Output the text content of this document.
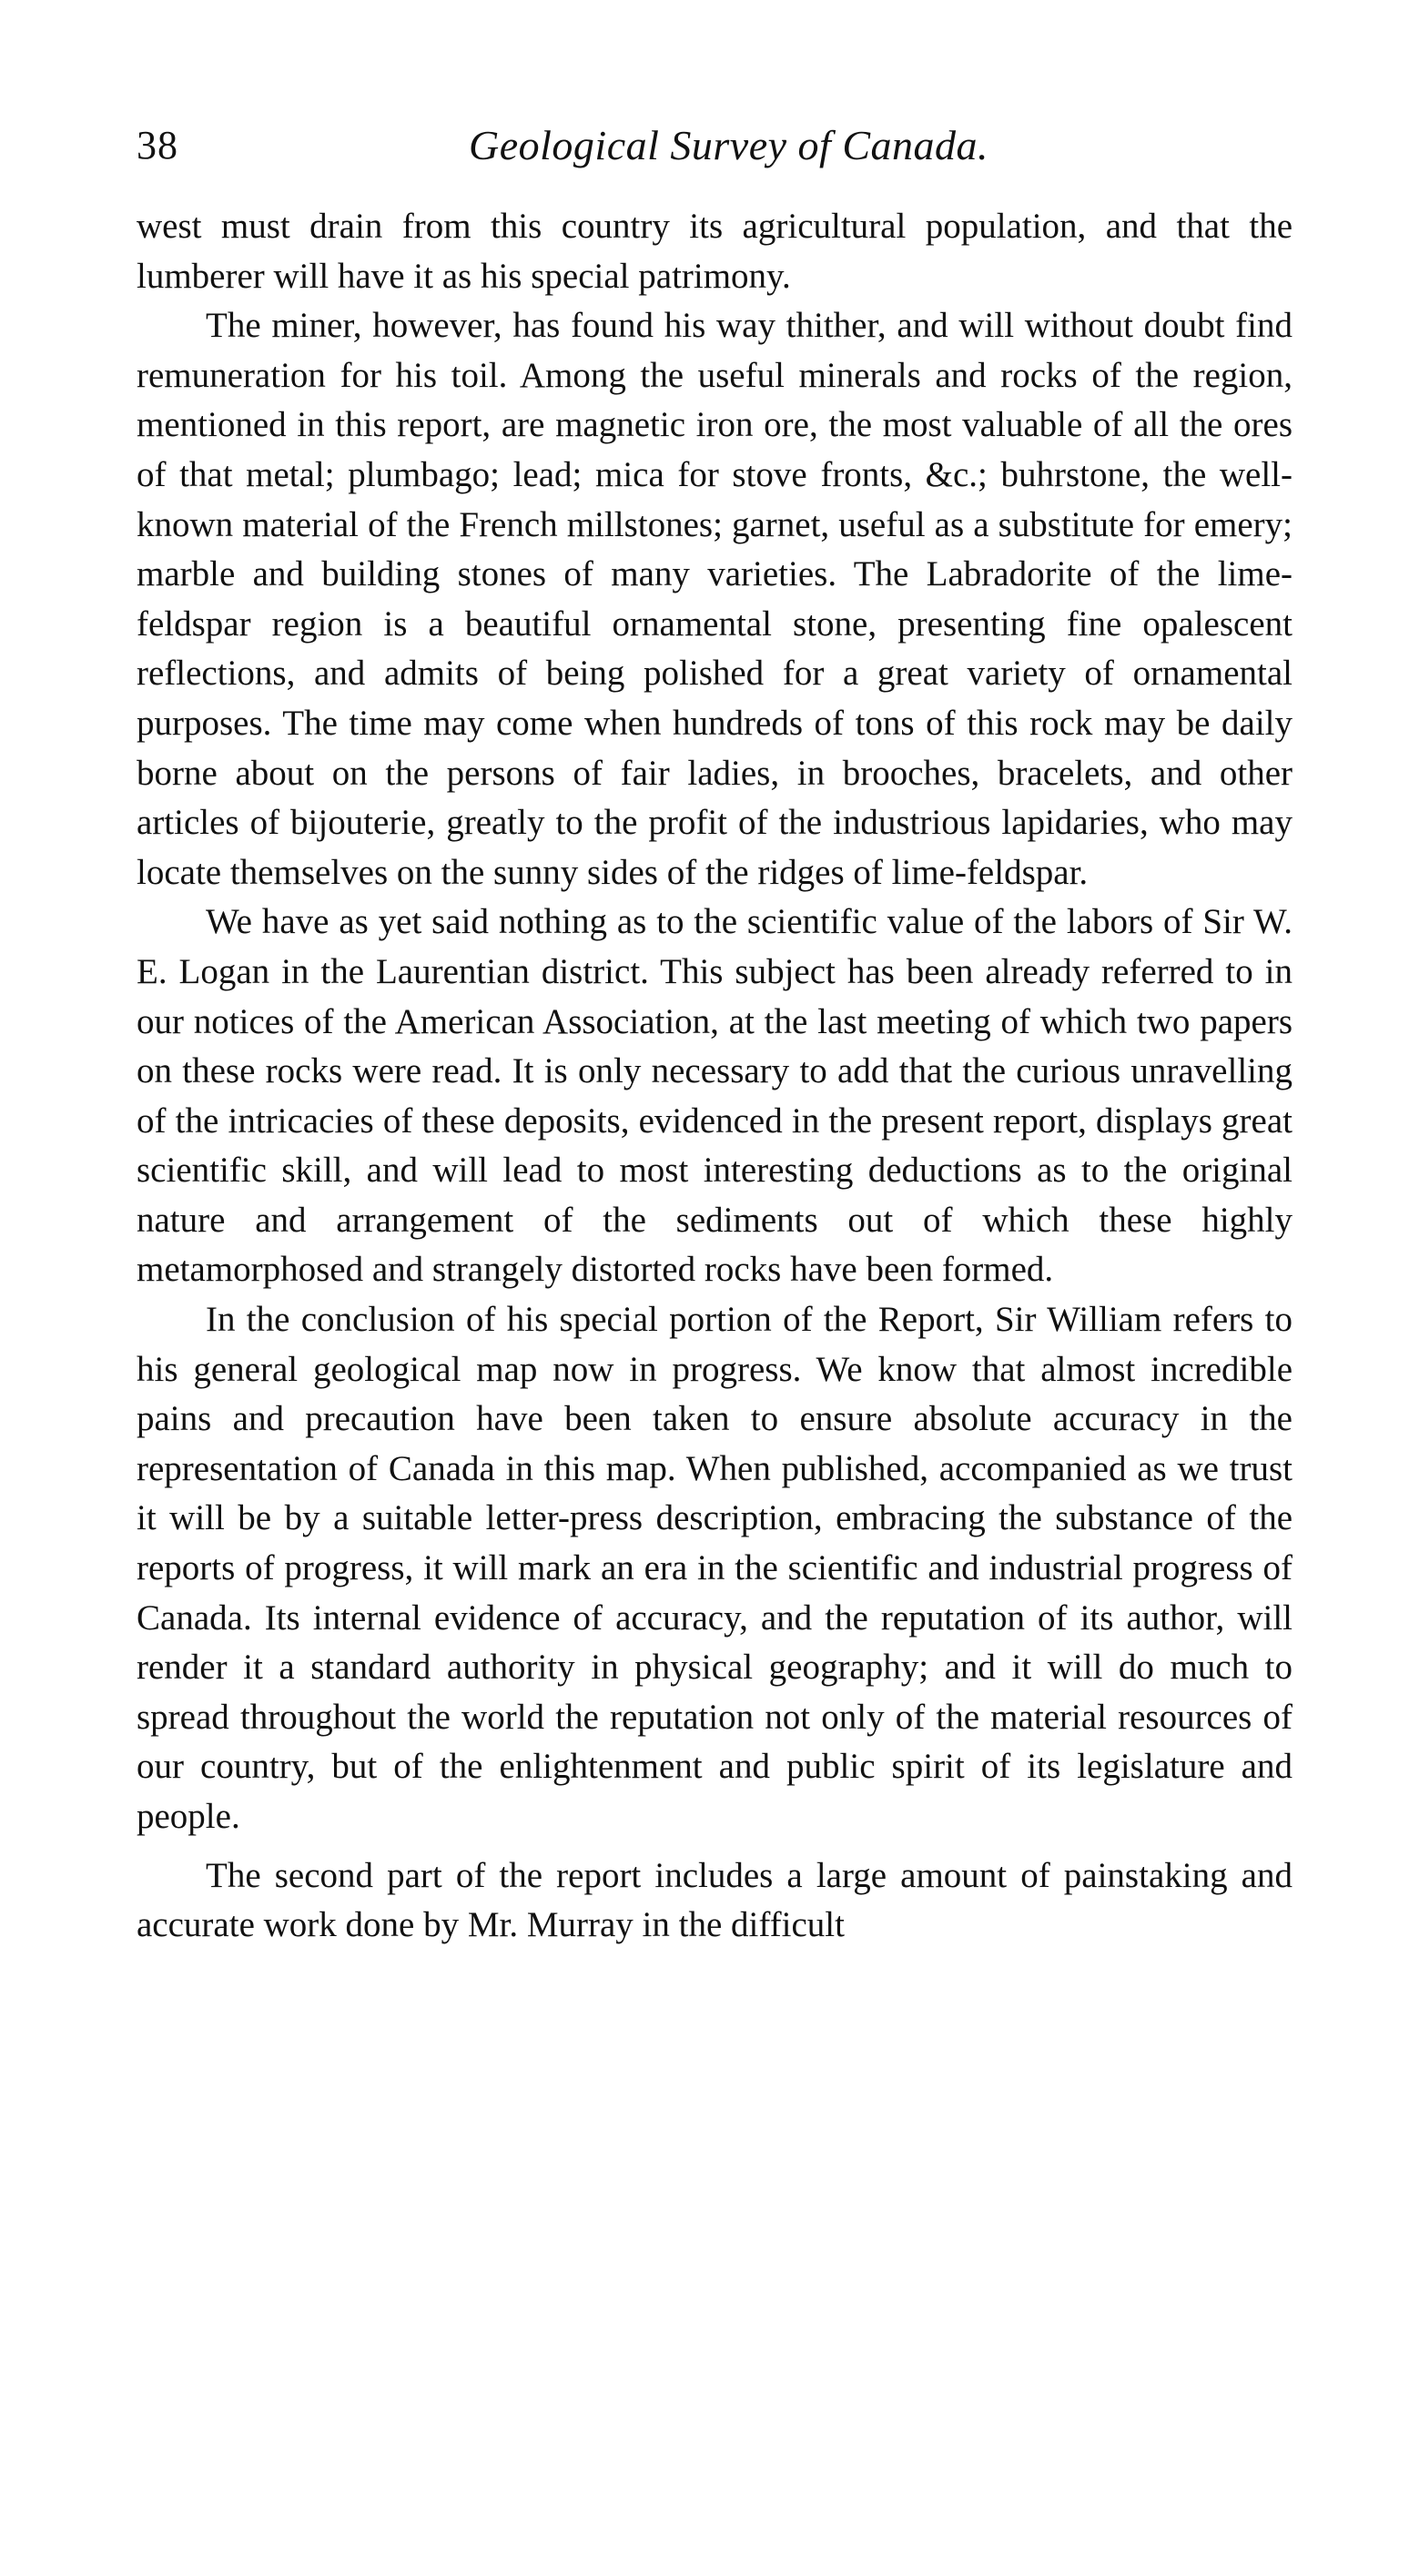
38	Geological Survey of Canada.

west must drain from this country its agricultural population, and that the lumberer will have it as his special patrimony.

The miner, however, has found his way thither, and will without doubt find remuneration for his toil. Among the useful minerals and rocks of the region, mentioned in this report, are magnetic iron ore, the most valuable of all the ores of that metal; plumbago; lead; mica for stove fronts, &c.; buhrstone, the well-known material of the French millstones; garnet, useful as a substitute for emery; marble and building stones of many varieties. The Labradorite of the lime-feldspar region is a beautiful ornamental stone, presenting fine opalescent reflections, and admits of being polished for a great variety of ornamental purposes. The time may come when hundreds of tons of this rock may be daily borne about on the persons of fair ladies, in brooches, bracelets, and other articles of bijouterie, greatly to the profit of the industrious lapidaries, who may locate themselves on the sunny sides of the ridges of lime-feldspar.

We have as yet said nothing as to the scientific value of the labors of Sir W. E. Logan in the Laurentian district. This subject has been already referred to in our notices of the American Association, at the last meeting of which two papers on these rocks were read. It is only necessary to add that the curious unravelling of the intricacies of these deposits, evidenced in the present report, displays great scientific skill, and will lead to most interesting deductions as to the original nature and arrangement of the sediments out of which these highly metamorphosed and strangely distorted rocks have been formed.

In the conclusion of his special portion of the Report, Sir William refers to his general geological map now in progress. We know that almost incredible pains and precaution have been taken to ensure absolute accuracy in the representation of Canada in this map. When published, accompanied as we trust it will be by a suitable letter-press description, embracing the substance of the reports of progress, it will mark an era in the scientific and industrial progress of Canada. Its internal evidence of accuracy, and the reputation of its author, will render it a standard authority in physical geography; and it will do much to spread throughout the world the reputation not only of the material resources of our country, but of the enlightenment and public spirit of its legislature and people.

The second part of the report includes a large amount of painstaking and accurate work done by Mr. Murray in the difficult
